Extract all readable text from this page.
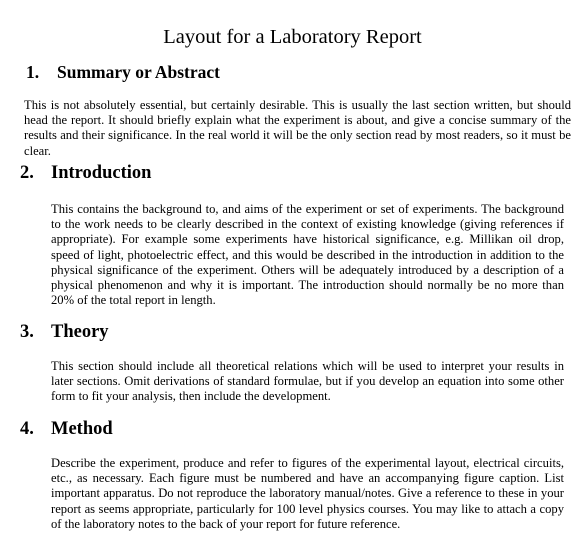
Layout for a Laboratory Report
1. Summary or Abstract

This is not absolutely essential, but certainly desirable. This is usually the last section written, but should head the report. It should briefly explain what the experiment is about, and give a concise summary of the results and their significance. In the real world it will be the only section read by most readers, so it must be clear.

2. Introduction

This contains the background to, and aims of the experiment or set of experiments. The background to the work needs to be clearly described in the context of existing knowledge (giving references if appropriate). For example some experiments have historical significance, e.g. Millikan oil drop, speed of light, photoelectric effect, and this would be described in the introduction in addition to the physical significance of the experiment. Others will be adequately introduced by a description of a physical phenomenon and why it is important. The introduction should normally be no more than 20% of the total report in length.

3. Theory

This section should include all theoretical relations which will be used to interpret your results in later sections. Omit derivations of standard formulae, but if you develop an equation into some other form to fit your analysis, then include the development.

4. Method

Describe the experiment, produce and refer to figures of the experimental layout, electrical circuits, etc., as necessary. Each figure must be numbered and have an accompanying figure caption. List important apparatus. Do not reproduce the laboratory manual/notes. Give a reference to these in your report as seems appropriate, particularly for 100 level physics courses. You may like to attach a copy of the laboratory notes to the back of your report for future reference.
